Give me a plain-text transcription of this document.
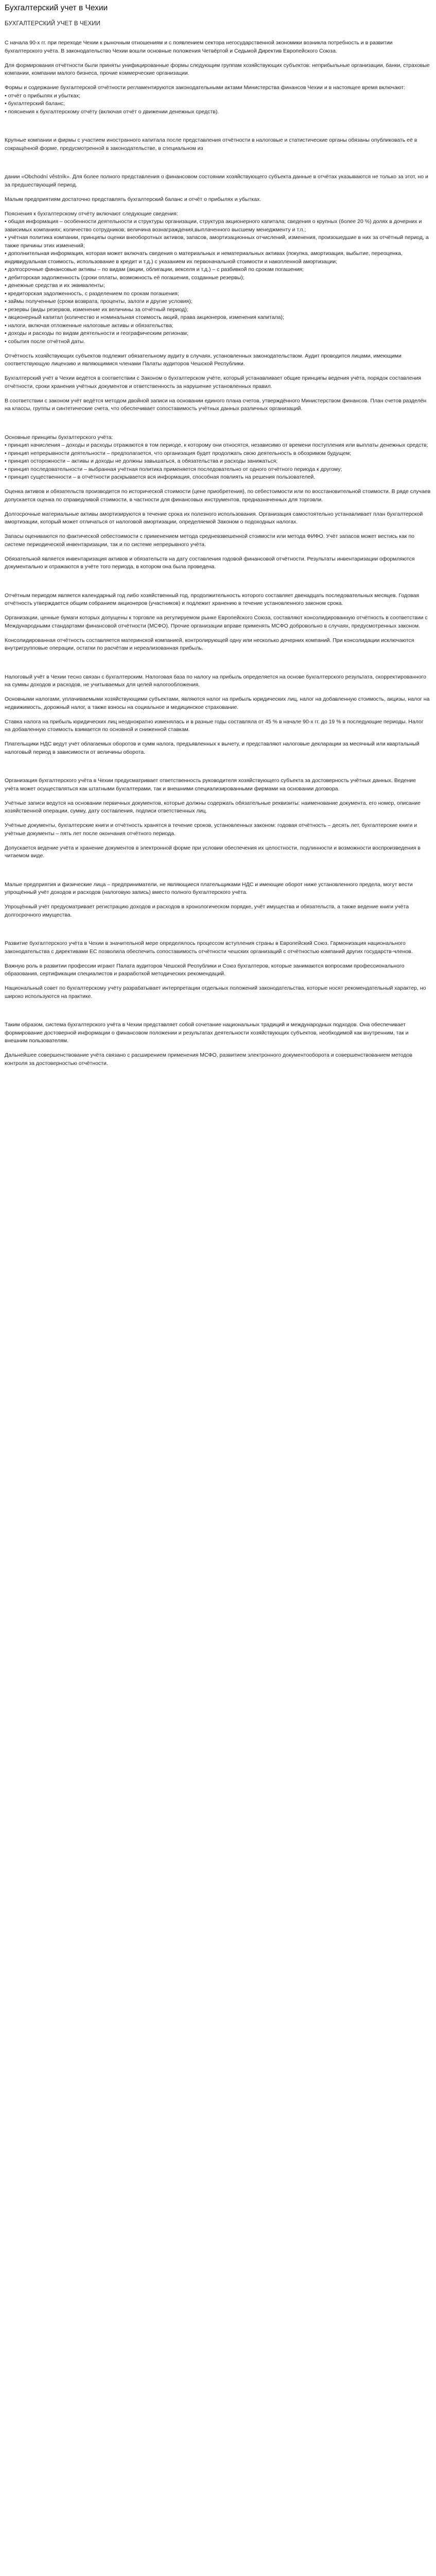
Бухгалтерский учет в Чехии
БУХГАЛТЕРСКИЙ УЧЕТ В ЧЕХИИ

С начала 90-х гг. при переходе Чехии к рыночным отношениям и с появлением сектора негосударственной экономики возникла потребность и в развитии бухгалтерского учёта. В законодательство Чехии вошли основные положения Четвёртой и Седьмой Директив Европейского Союза.

Для формирования отчётности были приняты унифицированные формы следующим группам хозяйствующих субъектов: неприбыльные организации, банки, страховые компании, компании малого бизнеса, прочие коммерческие организации.

Формы и содержание бухгалтерской отчётности регламентируются законодательными актами Министерства финансов Чехии и в настоящее время включают:
• отчёт о прибылях и убытках;
• бухгалтерский баланс;
• пояснения к бухгалтерскому отчёту (включая отчёт о движении денежных средств).

Крупные компании и фирмы с участием иностранного капитала после представления отчётности в налоговые и статистические органы обязаны опубликовать её в сокращённой форме, предусмотренной в законодательстве, в специальном из

дании «Obchodní věstník». Для более полного представления о финансовом состоянии хозяйствующего субъекта данные в отчётах указываются не только за этот, но и за предшествующий период.

Малым предприятиям достаточно представлять бухгалтерский баланс и отчёт о прибылях и убытках.

Пояснения к бухгалтерскому отчёту включают следующие сведения:
• общая информация – особенности деятельности и структуры организации, структура акционерного капитала; сведения о крупных (более 20 %) долях в дочерних и зависимых компаниях; количество сотрудников; величина вознаграждения,выплаченного высшему менеджменту и т.п.;
• учётная политика компании, принципы оценки внеоборотных активов, запасов, амортизационных отчислений, изменения, произошедшие в них за отчётный период, а также причины этих изменений;
• дополнительная информация, которая может включать сведения о материальных и нематериальных активах (покупка, амортизация, выбытие, переоценка, индивидуальная стоимость, использование в кредит и т.д.) с указанием их первоначальной стоимости и накопленной амортизации;
• долгосрочные финансовые активы – по видам (акции, облигации, векселя и т.д.) – с разбивкой по срокам погашения;
• дебиторская задолженность (сроки оплаты, возможность её погашения, созданные резервы);
• денежные средства и их эквиваленты;
• кредиторская задолженность, с разделением по срокам погашения;
• займы полученные (сроки возврата, проценты, залоги и другие условия);
• резервы (виды резервов, изменение их величины за отчётный период);
• акционерный капитал (количество и номинальная стоимость акций, права акционеров, изменения капитала);
• налоги, включая отложенные налоговые активы и обязательства;
• доходы и расходы по видам деятельности и географическим регионам;
• события после отчётной даты.

Отчётность хозяйствующих субъектов подлежит обязательному аудиту в случаях, установленных законодательством. Аудит проводится лицами, имеющими соответствующую лицензию и являющимися членами Палаты аудиторов Чешской Республики.

Бухгалтерский учёт в Чехии ведётся в соответствии с Законом о бухгалтерском учёте, который устанавливает общие принципы ведения учёта, порядок составления отчётности, сроки хранения учётных документов и ответственность за нарушение установленных правил.

В соответствии с законом учёт ведётся методом двойной записи на основании единого плана счетов, утверждённого Министерством финансов. План счетов разделён на классы, группы и синтетические счета, что обеспечивает сопоставимость учётных данных различных организаций.

Основные принципы бухгалтерского учёта:
• принцип начисления – доходы и расходы отражаются в том периоде, к которому они относятся, независимо от времени поступления или выплаты денежных средств;
• принцип непрерывности деятельности – предполагается, что организация будет продолжать свою деятельность в обозримом будущем;
• принцип осторожности – активы и доходы не должны завышаться, а обязательства и расходы занижаться;
• принцип последовательности – выбранная учётная политика применяется последовательно от одного отчётного периода к другому;
• принцип существенности – в отчётности раскрывается вся информация, способная повлиять на решения пользователей.

Оценка активов и обязательств производится по исторической стоимости (цене приобретения), по себестоимости или по восстановительной стоимости. В ряде случаев допускается оценка по справедливой стоимости, в частности для финансовых инструментов, предназначенных для торговли.

Долгосрочные материальные активы амортизируются в течение срока их полезного использования. Организация самостоятельно устанавливает план бухгалтерской амортизации, который может отличаться от налоговой амортизации, определяемой Законом о подоходных налогах.

Запасы оцениваются по фактической себестоимости с применением метода средневзвешенной стоимости или метода ФИФО. Учёт запасов может вестись как по системе периодической инвентаризации, так и по системе непрерывного учёта.

Обязательной является инвентаризация активов и обязательств на дату составления годовой финансовой отчётности. Результаты инвентаризации оформляются документально и отражаются в учёте того периода, в котором она была проведена.

Отчётным периодом является календарный год либо хозяйственный год, продолжительность которого составляет двенадцать последовательных месяцев. Годовая отчётность утверждается общим собранием акционеров (участников) и подлежит хранению в течение установленного законом срока.

Организации, ценные бумаги которых допущены к торговле на регулируемом рынке Европейского Союза, составляют консолидированную отчётность в соответствии с Международными стандартами финансовой отчётности (МСФО). Прочие организации вправе применять МСФО добровольно в случаях, предусмотренных законом.

Консолидированная отчётность составляется материнской компанией, контролирующей одну или несколько дочерних компаний. При консолидации исключаются внутригрупповые операции, остатки по расчётам и нереализованная прибыль.

Налоговый учёт в Чехии тесно связан с бухгалтерским. Налоговая база по налогу на прибыль определяется на основе бухгалтерского результата, скорректированного на суммы доходов и расходов, не учитываемых для целей налогообложения.

Основными налогами, уплачиваемыми хозяйствующими субъектами, являются налог на прибыль юридических лиц, налог на добавленную стоимость, акцизы, налог на недвижимость, дорожный налог, а также взносы на социальное и медицинское страхование.

Ставка налога на прибыль юридических лиц неоднократно изменялась и в разные годы составляла от 45 % в начале 90-х гг. до 19 % в последующие периоды. Налог на добавленную стоимость взимается по основной и сниженной ставкам.

Плательщики НДС ведут учёт облагаемых оборотов и сумм налога, предъявленных к вычету, и представляют налоговые декларации за месячный или квартальный налоговый период в зависимости от величины оборота.

Организация бухгалтерского учёта в Чехии предусматривает ответственность руководителя хозяйствующего субъекта за достоверность учётных данных. Ведение учёта может осуществляться как штатными бухгалтерами, так и внешними специализированными фирмами на основании договора.

Учётные записи ведутся на основании первичных документов, которые должны содержать обязательные реквизиты: наименование документа, его номер, описание хозяйственной операции, сумму, дату составления, подписи ответственных лиц.

Учётные документы, бухгалтерские книги и отчётность хранятся в течение сроков, установленных законом: годовая отчётность – десять лет, бухгалтерские книги и учётные документы – пять лет после окончания отчётного периода.

Допускается ведение учёта и хранение документов в электронной форме при условии обеспечения их целостности, подлинности и возможности воспроизведения в читаемом виде.

Малые предприятия и физические лица – предприниматели, не являющиеся плательщиками НДС и имеющие оборот ниже установленного предела, могут вести упрощённый учёт доходов и расходов (налоговую запись) вместо полного бухгалтерского учёта.

Упрощённый учёт предусматривает регистрацию доходов и расходов в хронологическом порядке, учёт имущества и обязательств, а также ведение книги учёта долгосрочного имущества.

Развитие бухгалтерского учёта в Чехии в значительной мере определялось процессом вступления страны в Европейский Союз. Гармонизация национального законодательства с директивами ЕС позволила обеспечить сопоставимость отчётности чешских организаций с отчётностью компаний других государств-членов.

Важную роль в развитии профессии играют Палата аудиторов Чешской Республики и Союз бухгалтеров, которые занимаются вопросами профессионального образования, сертификации специалистов и разработкой методических рекомендаций.

Национальный совет по бухгалтерскому учёту разрабатывает интерпретации отдельных положений законодательства, которые носят рекомендательный характер, но широко используются на практике.

Таким образом, система бухгалтерского учёта в Чехии представляет собой сочетание национальных традиций и международных подходов. Она обеспечивает формирование достоверной информации о финансовом положении и результатах деятельности хозяйствующих субъектов, необходимой как внутренним, так и внешним пользователям.

Дальнейшее совершенствование учёта связано с расширением применения МСФО, развитием электронного документооборота и совершенствованием методов контроля за достоверностью отчётности.
